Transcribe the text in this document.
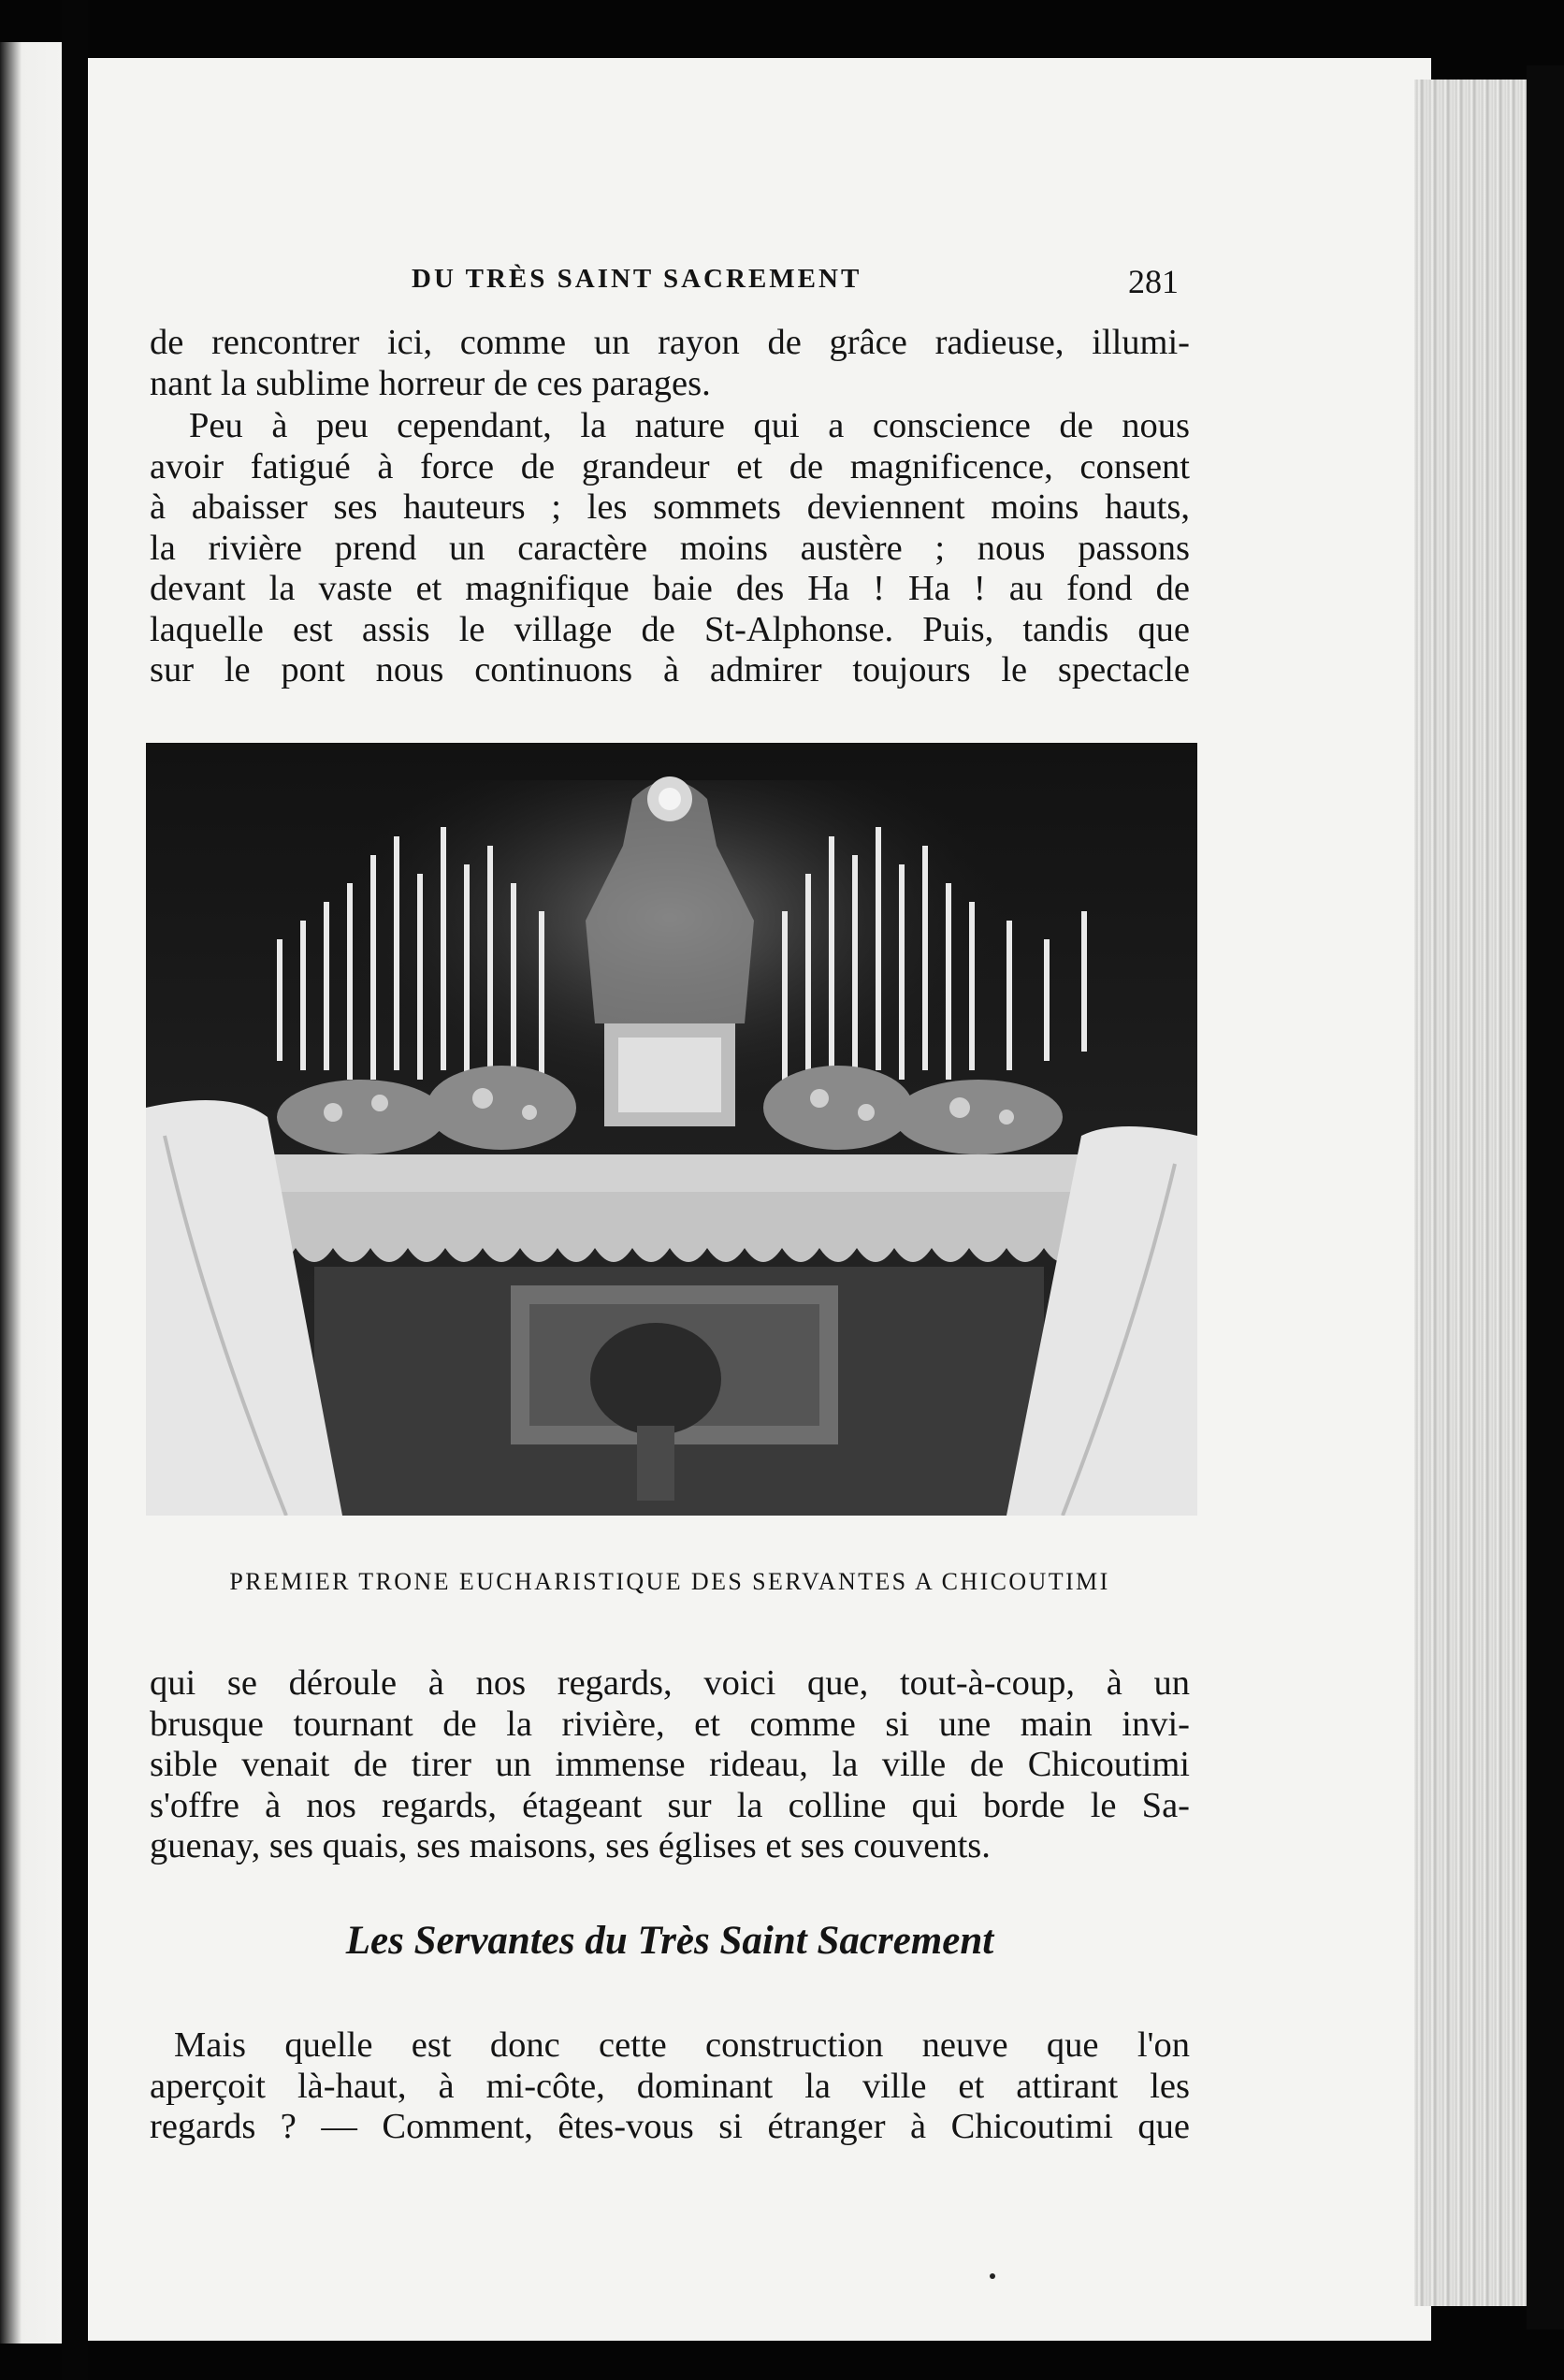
DU TRÈS SAINT SACREMENT	281
de rencontrer ici, comme un rayon de grâce radieuse, illumi-
nant la sublime horreur de ces parages.
Peu à peu cependant, la nature qui a conscience de nous
avoir fatigué à force de grandeur et de magnificence, consent
à abaisser ses hauteurs ; les sommets deviennent moins hauts,
la rivière prend un caractère moins austère ; nous passons
devant la vaste et magnifique baie des Ha ! Ha ! au fond de
laquelle est assis le village de St-Alphonse. Puis, tandis que
sur le pont nous continuons à admirer toujours le spectacle
PREMIER TRONE EUCHARISTIQUE DES SERVANTES A CHICOUTIMI
qui se déroule à nos regards, voici que, tout-à-coup, à un
brusque tournant de la rivière, et comme si une main invi-
sible venait de tirer un immense rideau, la ville de Chicoutimi
s'offre à nos regards, étageant sur la colline qui borde le Sa-
guenay, ses quais, ses maisons, ses églises et ses couvents.
Les Servantes du Très Saint Sacrement
Mais quelle est donc cette construction neuve que l'on
aperçoit là-haut, à mi-côte, dominant la ville et attirant les
regards ? — Comment, êtes-vous si étranger à Chicoutimi que
